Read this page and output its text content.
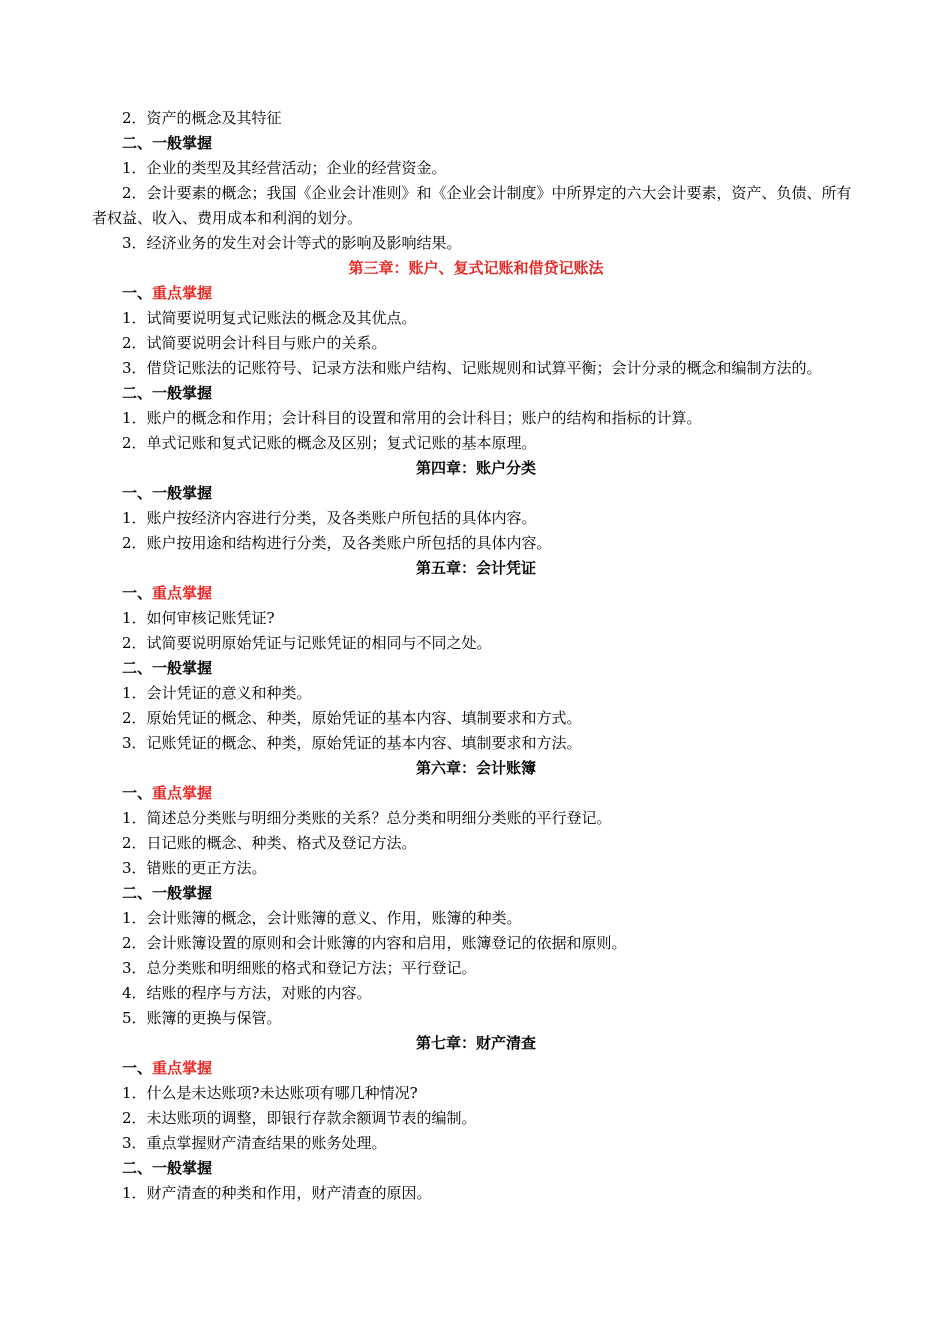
2．资产的概念及其特征
二、一般掌握
1．企业的类型及其经营活动；企业的经营资金。
2．会计要素的概念；我国《企业会计准则》和《企业会计制度》中所界定的六大会计要素，资产、负债、所有者权益、收入、费用成本和利润的划分。
3．经济业务的发生对会计等式的影响及影响结果。
第三章：账户、复式记账和借贷记账法
一、重点掌握
1．试简要说明复式记账法的概念及其优点。
2．试简要说明会计科目与账户的关系。
3．借贷记账法的记账符号、记录方法和账户结构、记账规则和试算平衡；会计分录的概念和编制方法的。
二、一般掌握
1．账户的概念和作用；会计科目的设置和常用的会计科目；账户的结构和指标的计算。
2．单式记账和复式记账的概念及区别；复式记账的基本原理。
第四章：账户分类
一、一般掌握
1．账户按经济内容进行分类，及各类账户所包括的具体内容。
2．账户按用途和结构进行分类，及各类账户所包括的具体内容。
第五章：会计凭证
一、重点掌握
1．如何审核记账凭证?
2．试简要说明原始凭证与记账凭证的相同与不同之处。
二、一般掌握
1．会计凭证的意义和种类。
2．原始凭证的概念、种类，原始凭证的基本内容、填制要求和方式。
3．记账凭证的概念、种类，原始凭证的基本内容、填制要求和方法。
第六章：会计账簿
一、重点掌握
1．简述总分类账与明细分类账的关系？总分类和明细分类账的平行登记。
2．日记账的概念、种类、格式及登记方法。
3．错账的更正方法。
二、一般掌握
1．会计账簿的概念，会计账簿的意义、作用，账簿的种类。
2．会计账簿设置的原则和会计账簿的内容和启用，账簿登记的依据和原则。
3．总分类账和明细账的格式和登记方法；平行登记。
4．结账的程序与方法，对账的内容。
5．账簿的更换与保管。
第七章：财产清查
一、重点掌握
1．什么是未达账项?未达账项有哪几种情况?
2．未达账项的调整，即银行存款余额调节表的编制。
3．重点掌握财产清查结果的账务处理。
二、一般掌握
1．财产清查的种类和作用，财产清查的原因。
